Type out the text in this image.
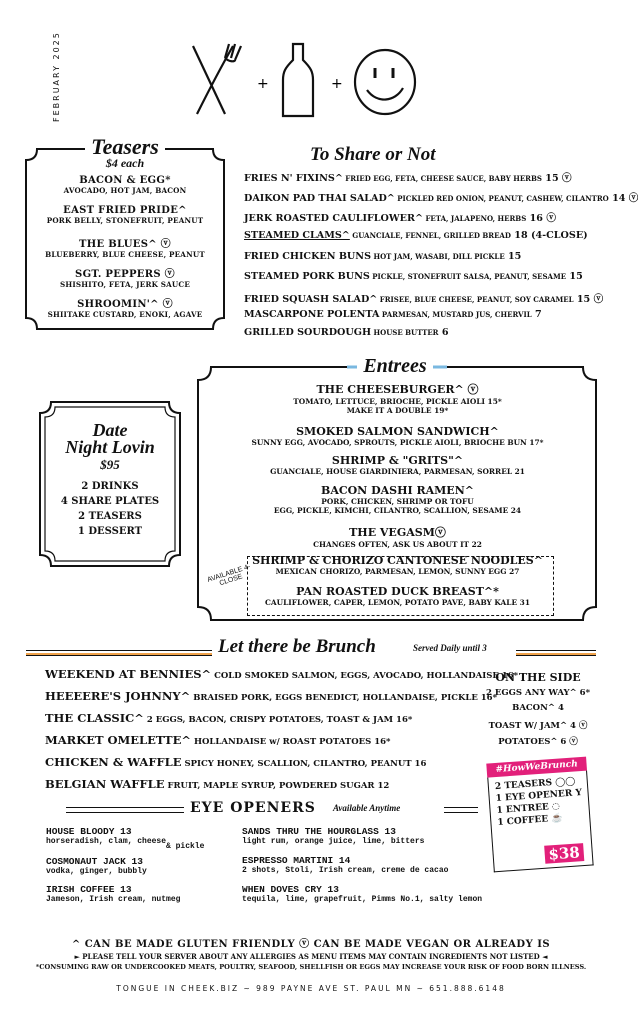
FEBRUARY 2025	+	+
Teasers
$4 each
BACON & EGG*
AVOCADO, HOT JAM, BACON
EAST FRIED PRIDE^
PORK BELLY, STONEFRUIT, PEANUT
THE BLUES^ ⓥ
BLUEBERRY, BLUE CHEESE, PEANUT
SGT. PEPPERS ⓥ
SHISHITO, FETA, JERK SAUCE
SHROOMIN'^ ⓥ
SHIITAKE CUSTARD, ENOKI, AGAVE
To Share or Not
FRIES N' FIXINS^ FRIED EGG, FETA, CHEESE SAUCE, BABY HERBS 15 ⓥ
DAIKON PAD THAI SALAD^ PICKLED RED ONION, PEANUT, CASHEW, CILANTRO 14 ⓥ
JERK ROASTED CAULIFLOWER^ FETA, JALAPENO, HERBS 16 ⓥ
STEAMED CLAMS^ GUANCIALE, FENNEL, GRILLED BREAD 18 (4-CLOSE)
FRIED CHICKEN BUNS HOT JAM, WASABI, DILL PICKLE 15
STEAMED PORK BUNS PICKLE, STONEFRUIT SALSA, PEANUT, SESAME 15
FRIED SQUASH SALAD^ FRISEE, BLUE CHEESE, PEANUT, SOY CARAMEL 15 ⓥ
MASCARPONE POLENTA PARMESAN, MUSTARD JUS, CHERVIL 7
GRILLED SOURDOUGH HOUSE BUTTER 6
Entrees
THE CHEESEBURGER^ ⓥ
TOMATO, LETTUCE, BRIOCHE, PICKLE AIOLI 15*
MAKE IT A DOUBLE 19*
SMOKED SALMON SANDWICH^
SUNNY EGG, AVOCADO, SPROUTS, PICKLE AIOLI, BRIOCHE BUN 17*
SHRIMP & "GRITS"^
GUANCIALE, HOUSE GIARDINIERA, PARMESAN, SORREL 21
BACON DASHI RAMEN^
PORK, CHICKEN, SHRIMP OR TOFU
EGG, PICKLE, KIMCHI, CILANTRO, SCALLION, SESAME 24
THE VEGASMⓥ
CHANGES OFTEN, ASK US ABOUT IT 22
SHRIMP & CHORIZO CANTONESE NOODLES^
MEXICAN CHORIZO, PARMESAN, LEMON, SUNNY EGG 27
PAN ROASTED DUCK BREAST^*
CAULIFLOWER, CAPER, LEMON, POTATO PAVE, BABY KALE 31
AVAILABLE 4-CLOSE
Date
Night Lovin
$95
2 DRINKS
4 SHARE PLATES
2 TEASERS
1 DESSERT
Let there be Brunch	Served Daily until 3
WEEKEND AT BENNIES^ COLD SMOKED SALMON, EGGS, AVOCADO, HOLLANDAISE 16*
HEEEERE'S JOHNNY^ BRAISED PORK, EGGS BENEDICT, HOLLANDAISE, PICKLE 16*
THE CLASSIC^ 2 EGGS, BACON, CRISPY POTATOES, TOAST & JAM 16*
MARKET OMELETTE^ HOLLANDAISE w/ ROAST POTATOES 16*
CHICKEN & WAFFLE SPICY HONEY, SCALLION, CILANTRO, PEANUT 16
BELGIAN WAFFLE FRUIT, MAPLE SYRUP, POWDERED SUGAR 12
ON THE SIDE
2 EGGS ANY WAY^ 6*
BACON^ 4
TOAST W/ JAM^ 4 ⓥ
POTATOES^ 6 ⓥ
#HowWeBrunch
2 TEASERS ◯◯
1 EYE OPENER Y
1 ENTREE ◌
1 COFFEE ☕
$38
EYE OPENERS Available Anytime
HOUSE BLOODY 13
horseradish, clam, cheese
& pickle
COSMONAUT JACK 13
vodka, ginger, bubbly
IRISH COFFEE 13
Jameson, Irish cream, nutmeg
SANDS THRU THE HOURGLASS 13
light rum, orange juice, lime, bitters
ESPRESSO MARTINI 14
2 shots, Stoli, Irish cream, creme de cacao
WHEN DOVES CRY 13
tequila, lime, grapefruit, Pimms No.1, salty lemon
^ CAN BE MADE GLUTEN FRIENDLY ⓥ CAN BE MADE VEGAN OR ALREADY IS
► PLEASE TELL YOUR SERVER ABOUT ANY ALLERGIES AS MENU ITEMS MAY CONTAIN INGREDIENTS NOT LISTED ◄
*CONSUMING RAW OR UNDERCOOKED MEATS, POULTRY, SEAFOOD, SHELLFISH OR EGGS MAY INCREASE YOUR RISK OF FOOD BORN ILLNESS.
TONGUE IN CHEEK.BIZ ~ 989 PAYNE AVE ST. PAUL MN ~ 651.888.6148
